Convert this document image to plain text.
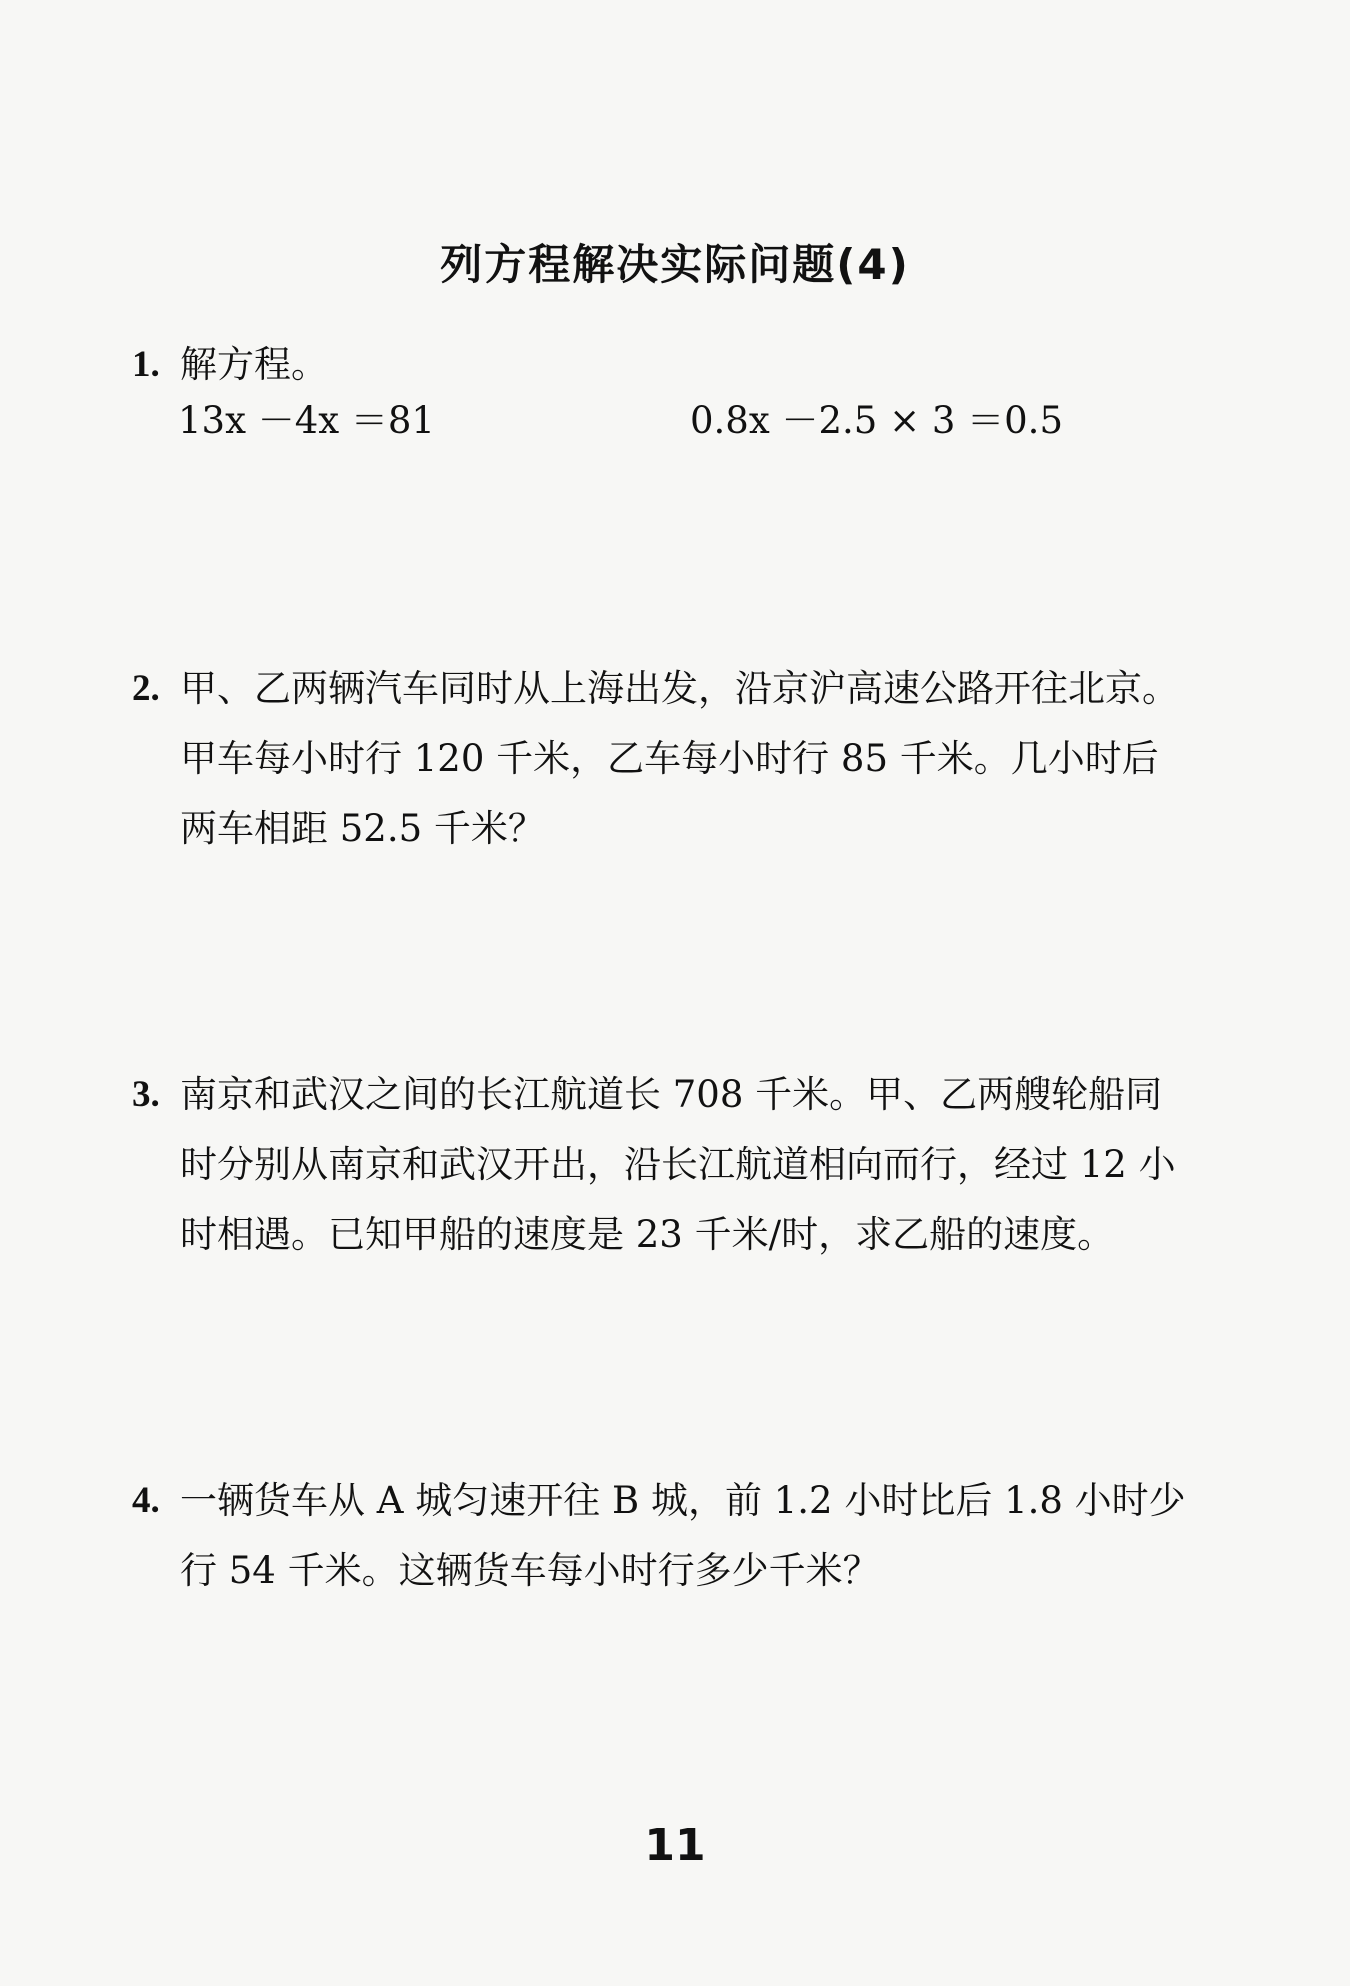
列方程解决实际问题(4)
1. 解方程。
13x －4x ＝81	0.8x －2.5 × 3 ＝0.5
2. 甲、乙两辆汽车同时从上海出发，沿京沪高速公路开往北京。
甲车每小时行 120 千米，乙车每小时行 85 千米。几小时后
两车相距 52.5 千米？
3. 南京和武汉之间的长江航道长 708 千米。甲、乙两艘轮船同
时分别从南京和武汉开出，沿长江航道相向而行，经过 12 小
时相遇。已知甲船的速度是 23 千米/时，求乙船的速度。
4. 一辆货车从 A 城匀速开往 B 城，前 1.2 小时比后 1.8 小时少
行 54 千米。这辆货车每小时行多少千米？
11
